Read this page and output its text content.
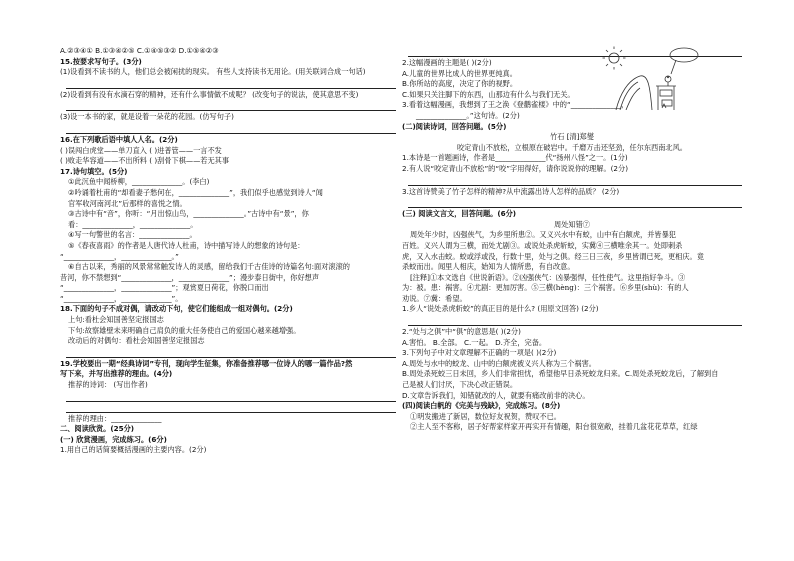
A.②③④① B.①③④②⑤ C.①④⑤③② D.①⑤④②③
15.按要求写句子。(3分)
(1)设看到不读书的人，他们总会被闲扰的现实。 有些人支持读书无用论。(用关联词合成一句话)
(2)设看到有没有水滴石穿的精神，还有什么事情做不成呢？ (改变句子的说法，使其意思不变)
(3)设一本书的家，就是设着一朵花的花园。(仿写句子)
16.在下列歌后语中填人人名。(2分)
( )误闯白虎堂——单刀直入 ( )进普管——一言不发
( )败走华容道——不出所料 ( )刮骨下棋——若无其事
17.诗句填空。(5分)
①此沉鱼中闻桥柳，______________。(李白)
②吟诵着杜甫的“却看妻子愁何在，______________”，我们似乎也感觉到诗人“闻
官军收河南河北”后那样的喜悦之情。
③古诗中有“音”，你听：“月出惊山鸟，______________。”古诗中有“景”，你
看：______________，______________。
④写一句警世的名言：______________。
⑤《春夜喜雨》的作者是人唐代诗人杜甫，诗中描写诗人的想象的诗句是：
“______________，______________。”
⑥自古以来，秀丽的风景常常触发诗人的灵感，留给我们千古佳诗的诗篇名句:面对滚滚的
昔河，你不禁想到“______________，______________”；漫步泰日街中，你好想声
“______________，______________”；观赏夏日荷花，你脱口而出
“______________，______________”。
18.下面的句子不成对偶，请改动下句，使它们能组成一组对偶句。(2分)
上句:看杜会知国善坚定报国志
下句:故察雄壁未来明确自己肩负的重大任务使自己的爱国心越来越增强。
改动后的对偶句：看杜会知国善坚定报国志
19.学校要出一期“经典诗词”专刊，现向学生征集，你准备推荐哪一位诗人的哪一篇作品?然
写下来，并写出推荐的理由。(4分)
推荐的诗词： (写出作者)
推荐的理由：______________
二、阅读欣赏。(25分)
(一) 欣赏漫画，完成练习。(6分)
1.用自己的话简要概括漫画的主要内容。(2分)
2.这幅漫画的主题是( )(2分)
A.儿童的世界比成人的世界更纯真。
B.你所站的高度，决定了你的视野。
C.如果只关注脚下的东西，山那边有什么与我们无关。
3.看着这幅漫画，我想到了王之涣《登鹳雀楼》中的“______________，
______________。”这句诗。(2分)
(二)阅读诗词，回答问题。(5分)
竹石 [清]郑燮
咬定青山不放松，立根原在破岩中。千磨万击还坚劲，任尔东西南北风。
1.本诗是一首题画诗，作者是______________代“扬州八怪”之一。(1分)
2.有人说“咬定青山不放松”的“咬”字用得好，请你说说你的理解。(2分)
3.这首诗赞美了竹子怎样的精神?从中流露出诗人怎样的品质？ (2分)
(三) 阅读文言文，回答问题。(6分)
周处知错⑦
周处年少时，凶强侠气，为乡里所患②。又义兴水中有蛟，山中有白额虎，并皆暴犯
百姓。义兴人谓为三横，而处尤剧③。或说处杀虎斩蛟，实冀④三横唯余其一。处即刺杀
虎，又入水击蛟。蛟或浮或没，行数十里，处与之俱。经三日三夜，乡里皆谓已死，更相庆。竟
杀蛟而出。闻里人相庆，始知为人情所患，有自改意。
[注释]①本文选自《世说新语》。②凶强侠气：凶暴强悍，任性使气。这里指好争斗。③
为：被。患：祸害。④尤剧：更加厉害。⑤三横(hèng)：三个祸害。⑥乡里(shù)：有的人
劝说。⑦冀：希望。
1.乡人“说处杀虎斩蛟”的真正目的是什么? (用原文回答) (2分)
2.“处与之俱”中“俱”的意思是( )(2分)
A.害怕。 B.全部。 C.一起。 D.齐全，完备。
3.下列句子中对文章理解不正确的一项是( )(2分)
A.周处与水中的蛟龙、山中的白额虎被义兴人称为三个祸害。
B.周处杀死蛟三日未回，乡人们非常担忧，希望他早日杀死蛟龙归来。C.周处杀死蛟龙后，了解到自
己是被人们讨厌，下决心改正错误。
D.文章告诉我们，知错就改的人，就要有痛改前非的决心。
(四)阅读白帆的《完美与残缺》，完成练习。(8分)
①明发搬进了新居，数位好友祝贺，赞叹不已。
②主人至不客称，居子好帮家样家开再实开有情趣，阳台很宽敞，挂着几盆花花草草，红绿
